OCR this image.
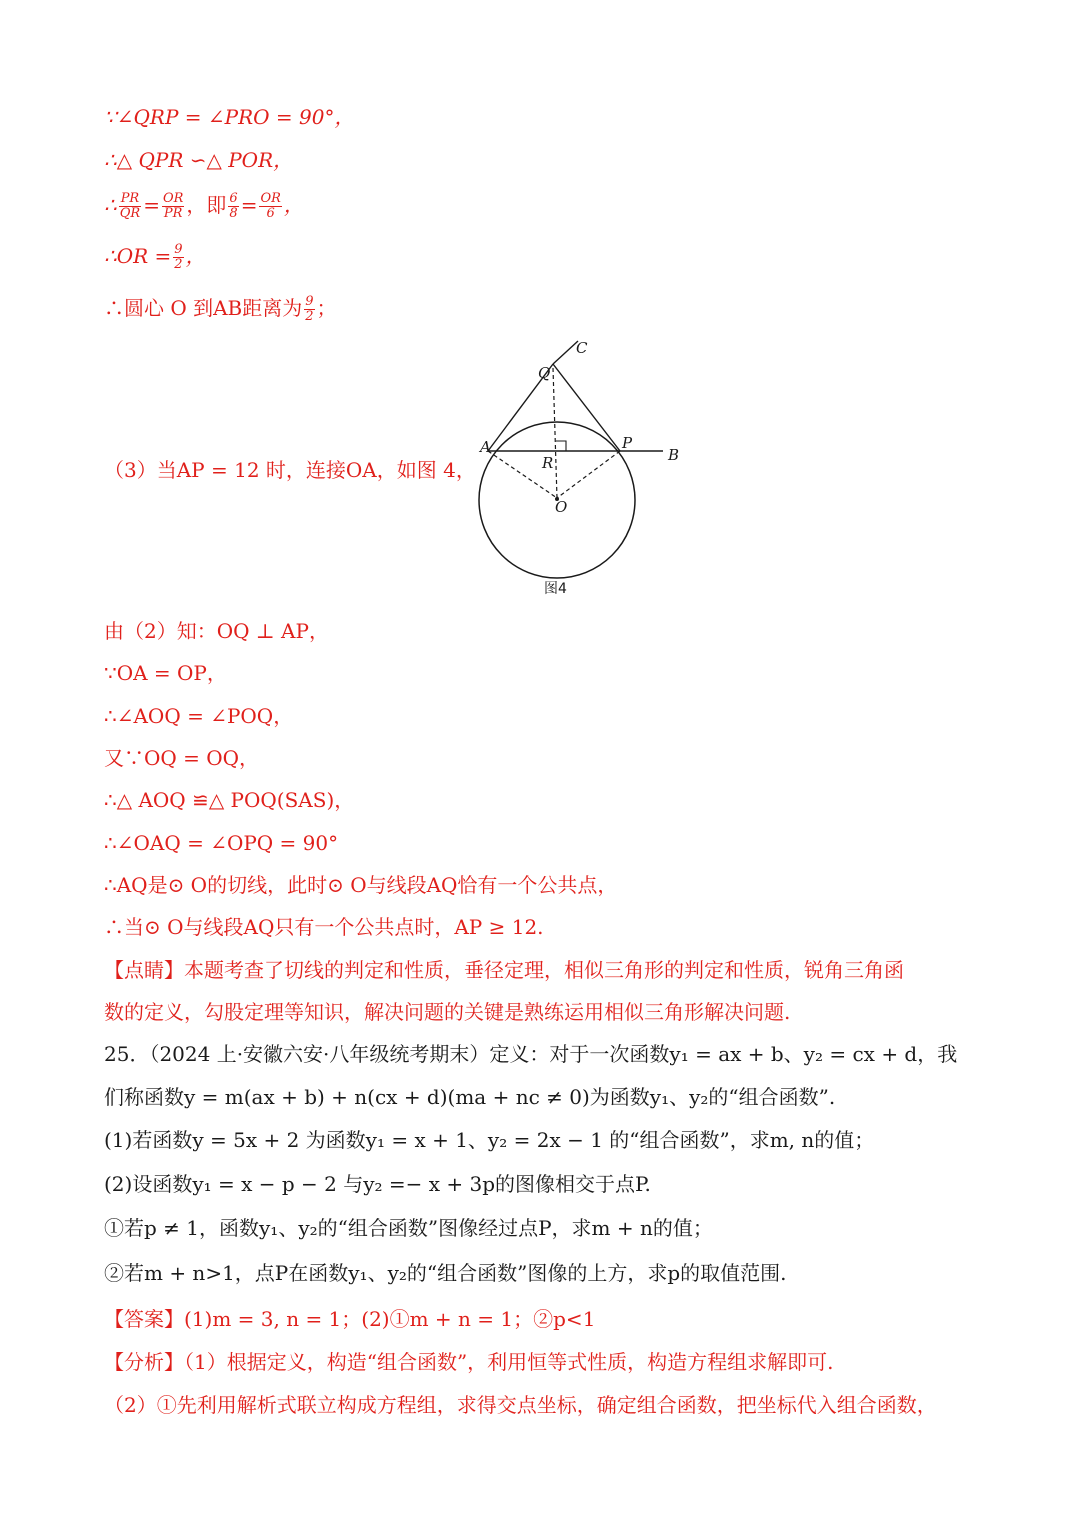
∵∠QRP = ∠PRO = 90°，
∴△ QPR ∽△ POR，
∴ $\frac{PR}{QR} = \frac{OR}{PR}$ ，即 $\frac{6}{8} = \frac{OR}{6}$ ，
∴OR = $\frac{9}{2}$ ，
∴圆心 O 到AB距离为 $\frac{9}{2}$ ；
（3）当AP = 12 时，连接OA，如图 4，
C
Q
A	P
B
R
O
图4
由（2）知：OQ ⊥ AP，
∵OA = OP，
∴∠AOQ = ∠POQ，
又∵OQ = OQ，
∴△ AOQ ≌△ POQ(SAS)，
∴∠OAQ = ∠OPQ = 90°
∴AQ是⊙ O的切线，此时⊙ O与线段AQ恰有一个公共点，
∴当⊙ O与线段AQ只有一个公共点时，AP ≥ 12.
【点睛】本题考查了切线的判定和性质，垂径定理，相似三角形的判定和性质，锐角三角函
数的定义，勾股定理等知识，解决问题的关键是熟练运用相似三角形解决问题.
25．（2024 上·安徽六安·八年级统考期末）定义：对于一次函数y₁ = ax + b、y₂ = cx + d，我
们称函数y = m(ax + b) + n(cx + d)(ma + nc ≠ 0)为函数y₁、y₂的“组合函数”.
(1)若函数y = 5x + 2 为函数y₁ = x + 1、y₂ = 2x − 1 的“组合函数”，求m, n的值；
(2)设函数y₁ = x − p − 2 与y₂ =− x + 3p的图像相交于点P.
①若p ≠ 1，函数y₁、y₂的“组合函数”图像经过点P，求m + n的值；
②若m + n>1，点P在函数y₁、y₂的“组合函数”图像的上方，求p的取值范围.
【答案】(1)m = 3, n = 1；(2)①m + n = 1；②p<1
【分析】（1）根据定义，构造“组合函数”，利用恒等式性质，构造方程组求解即可.
（2）①先利用解析式联立构成方程组，求得交点坐标，确定组合函数，把坐标代入组合函数，
